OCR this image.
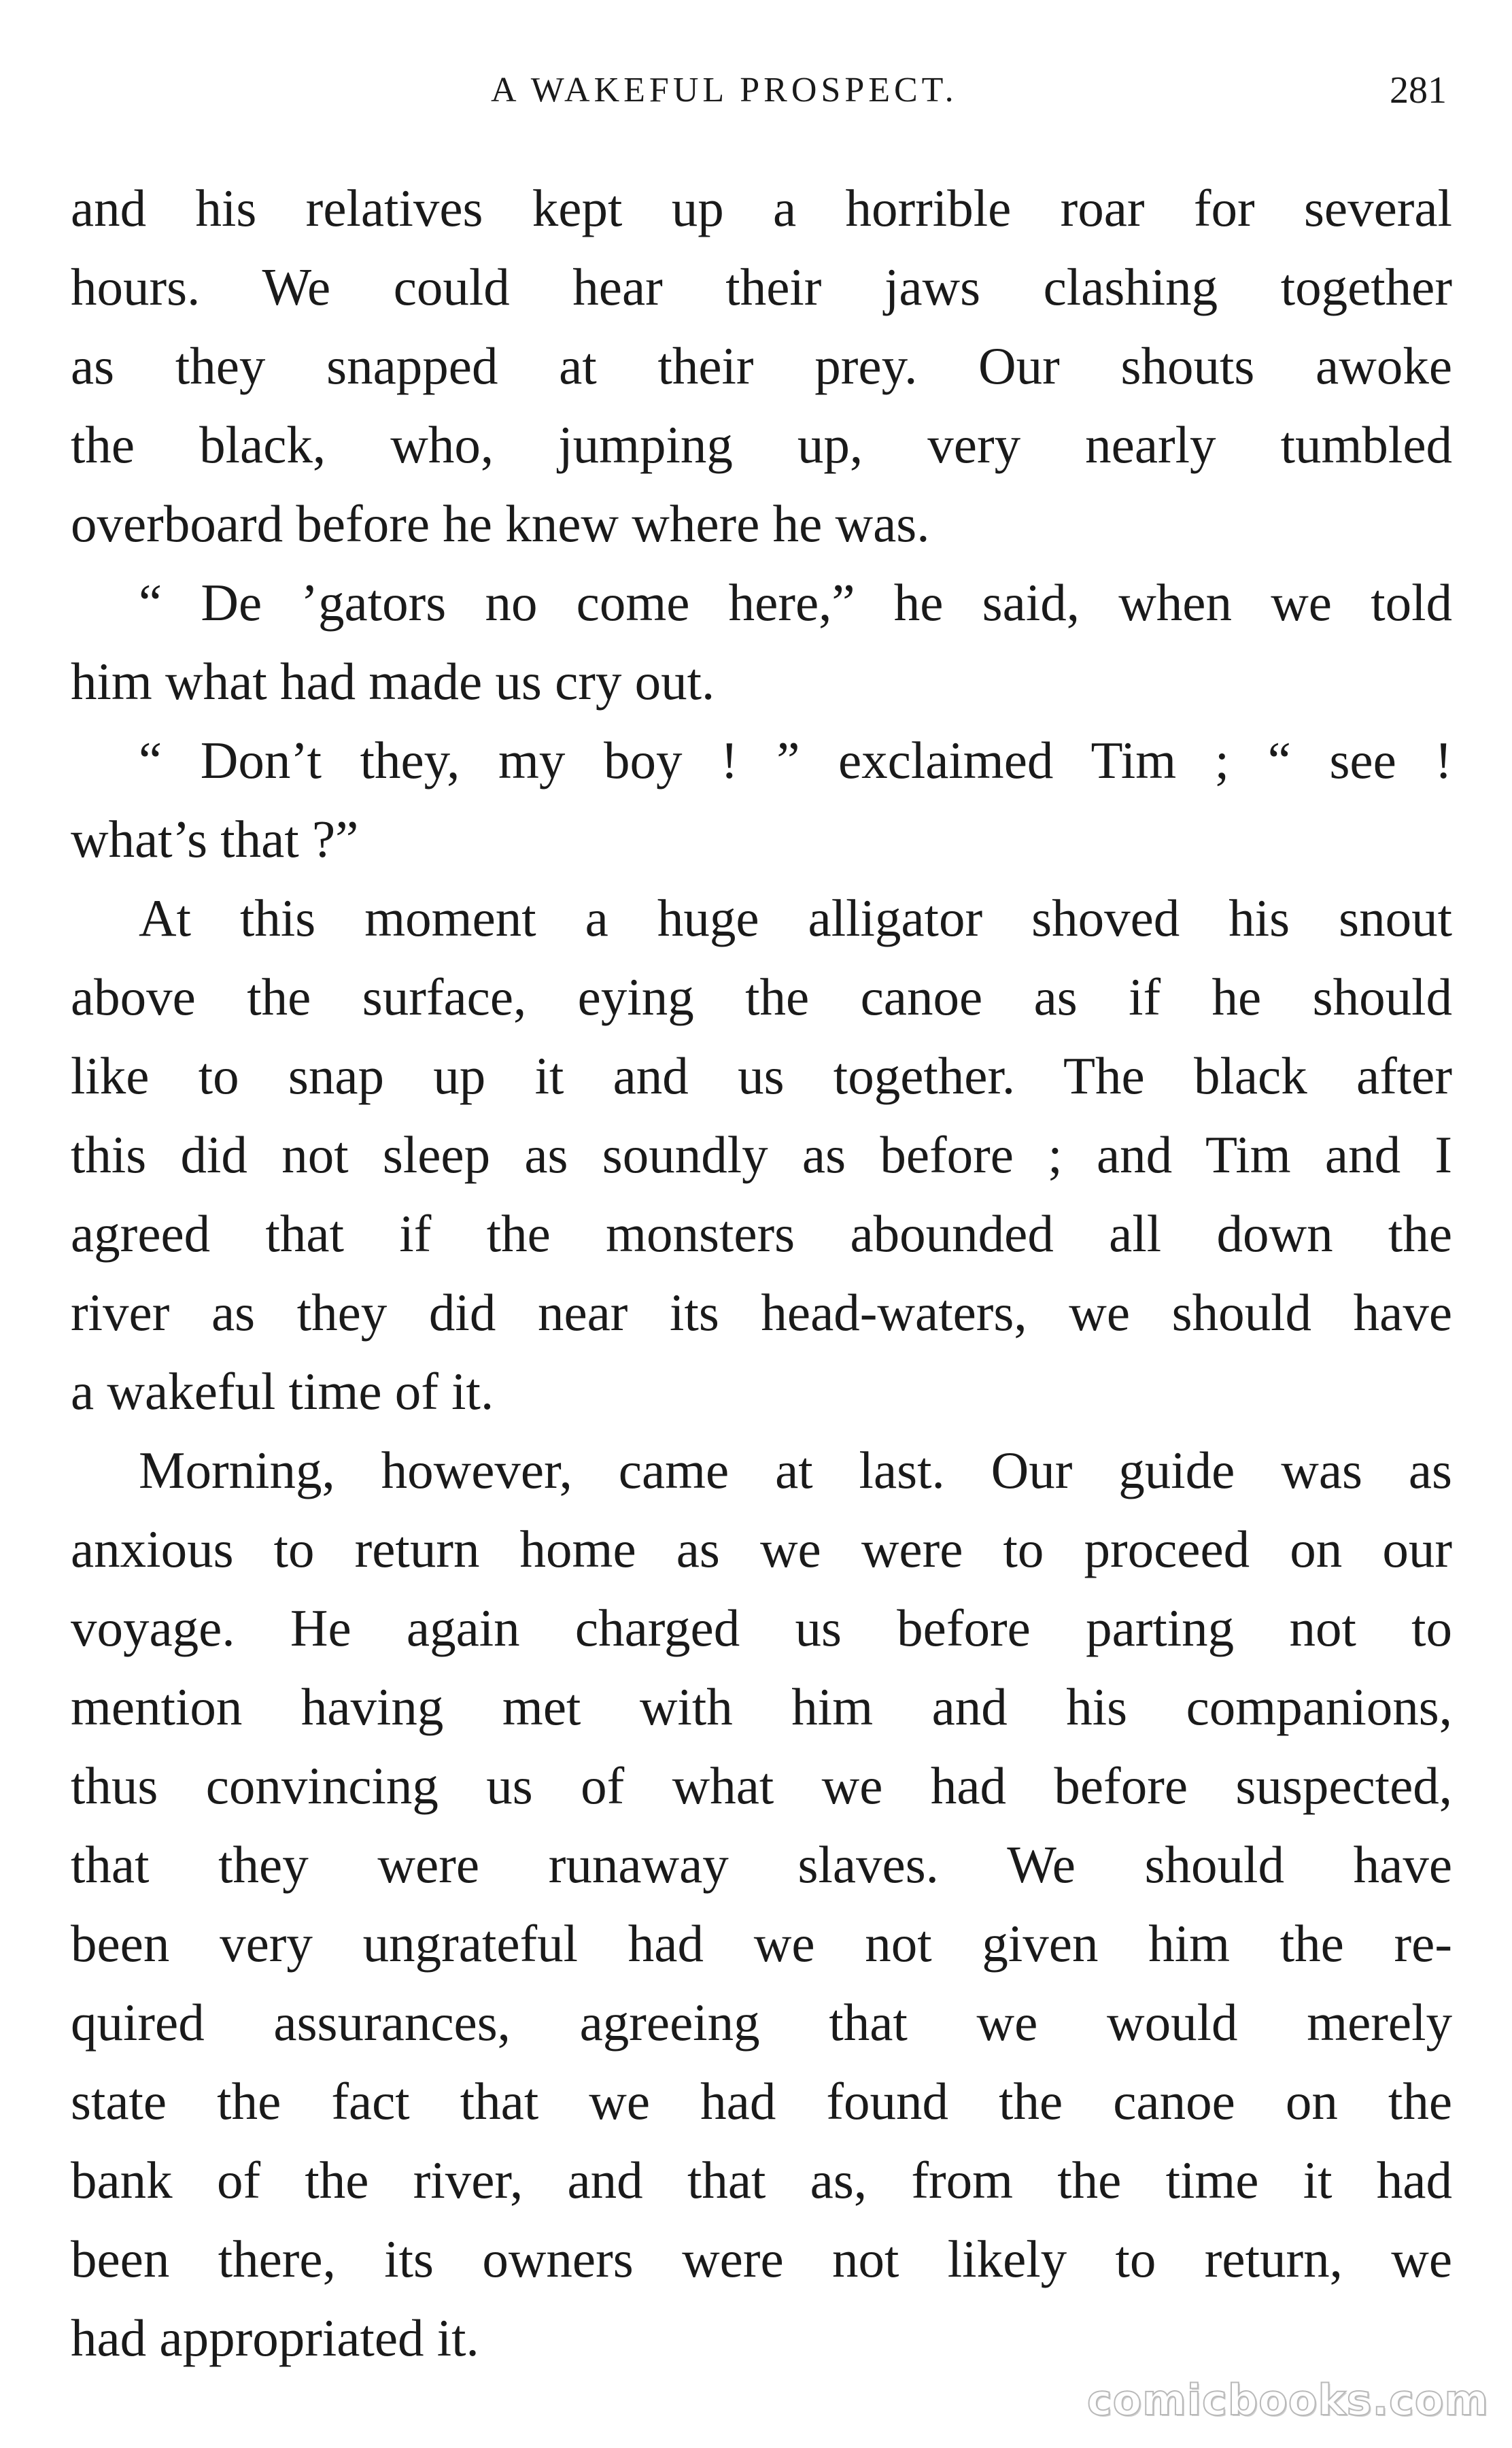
A WAKEFUL PROSPECT.	281

and his relatives kept up a horrible roar for several
hours. We could hear their jaws clashing together
as they snapped at their prey. Our shouts awoke
the black, who, jumping up, very nearly tumbled
overboard before he knew where he was.

“ De ’gators no come here,” he said, when we told
him what had made us cry out.

“ Don’t they, my boy ! ” exclaimed Tim ; “ see !
what’s that ?”

At this moment a huge alligator shoved his snout
above the surface, eying the canoe as if he should
like to snap up it and us together. The black after
this did not sleep as soundly as before ; and Tim and I
agreed that if the monsters abounded all down the
river as they did near its head-waters, we should have
a wakeful time of it.

Morning, however, came at last. Our guide was as
anxious to return home as we were to proceed on our
voyage. He again charged us before parting not to
mention having met with him and his companions,
thus convincing us of what we had before suspected,
that they were runaway slaves. We should have
been very ungrateful had we not given him the re-
quired assurances, agreeing that we would merely
state the fact that we had found the canoe on the
bank of the river, and that as, from the time it had
been there, its owners were not likely to return, we
had appropriated it.

comicbooks.com
